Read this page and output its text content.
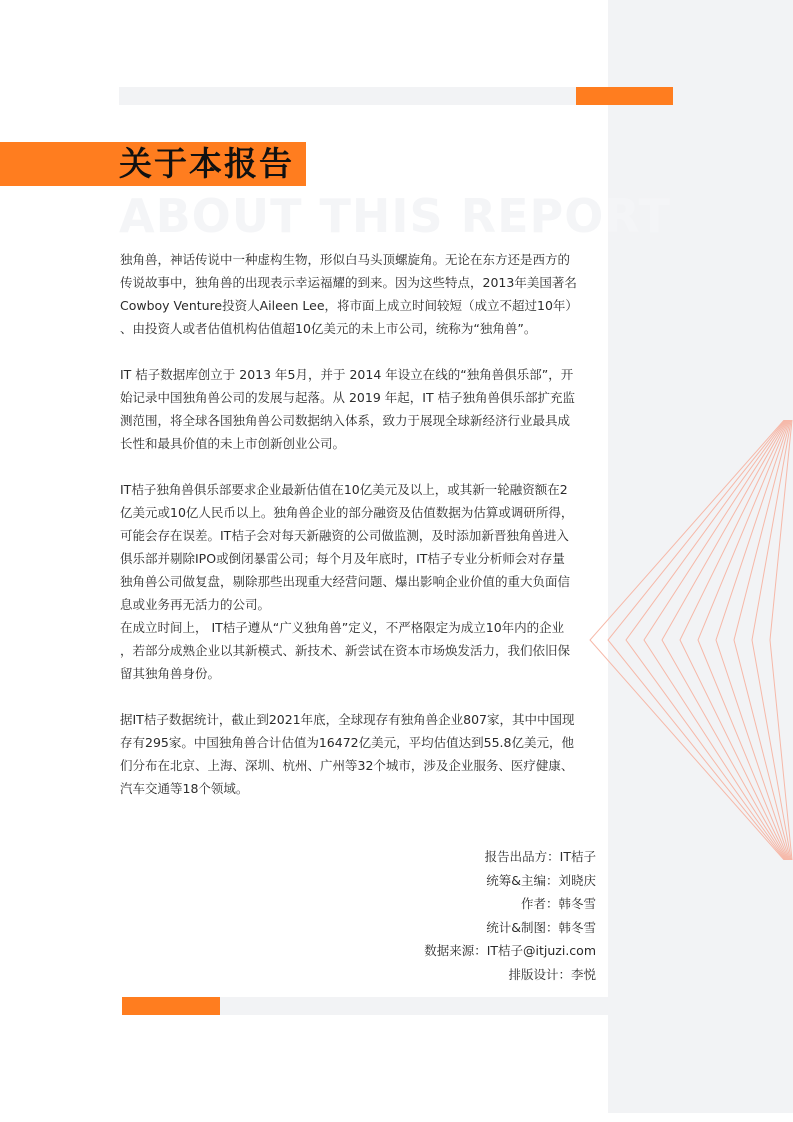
关于本报告
ABOUT THIS REPORT

独角兽，神话传说中一种虚构生物，形似白马头顶螺旋角。无论在东方还是西方的
传说故事中，独角兽的出现表示幸运福耀的到来。因为这些特点，2013年美国著名
Cowboy Venture投资人Aileen Lee，将市面上成立时间较短（成立不超过10年）
、由投资人或者估值机构估值超10亿美元的未上市公司，统称为“独角兽”。

IT 桔子数据库创立于 2013 年5月，并于 2014 年设立在线的“独角兽俱乐部”，开
始记录中国独角兽公司的发展与起落。从 2019 年起，IT 桔子独角兽俱乐部扩充监
测范围，将全球各国独角兽公司数据纳入体系，致力于展现全球新经济行业最具成
长性和最具价值的未上市创新创业公司。

IT桔子独角兽俱乐部要求企业最新估值在10亿美元及以上，或其新一轮融资额在2
亿美元或10亿人民币以上。独角兽企业的部分融资及估值数据为估算或调研所得，
可能会存在误差。IT桔子会对每天新融资的公司做监测，及时添加新晋独角兽进入
俱乐部并剔除IPO或倒闭暴雷公司；每个月及年底时，IT桔子专业分析师会对存量
独角兽公司做复盘，剔除那些出现重大经营问题、爆出影响企业价值的重大负面信
息或业务再无活力的公司。

在成立时间上， IT桔子遵从“广义独角兽”定义，不严格限定为成立10年内的企业
，若部分成熟企业以其新模式、新技术、新尝试在资本市场焕发活力，我们依旧保
留其独角兽身份。

据IT桔子数据统计，截止到2021年底，全球现存有独角兽企业807家，其中中国现
存有295家。中国独角兽合计估值为16472亿美元，平均估值达到55.8亿美元，他
们分布在北京、上海、深圳、杭州、广州等32个城市，涉及企业服务、医疗健康、
汽车交通等18个领域。

报告出品方：IT桔子
统筹&主编：刘晓庆
作者：韩冬雪
统计&制图：韩冬雪
数据来源：IT桔子@itjuzi.com
排版设计：李悦
